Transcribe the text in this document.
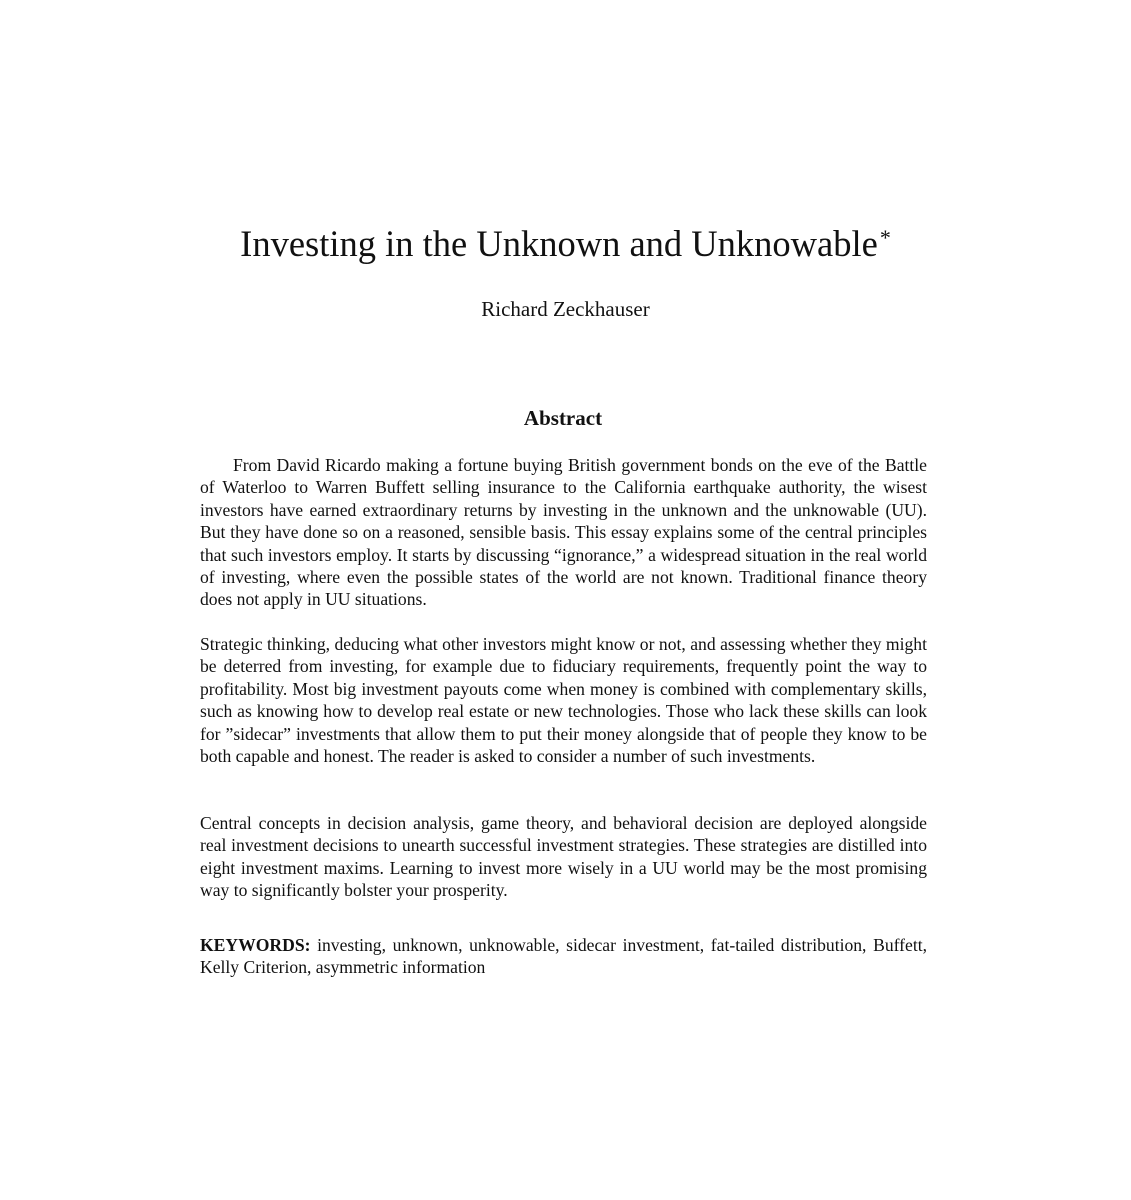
Investing in the Unknown and Unknowable*
Richard Zeckhauser
Abstract

From David Ricardo making a fortune buying British government bonds on the eve of the Battle of Waterloo to Warren Buffett selling insurance to the California earthquake authority, the wisest investors have earned extraordinary returns by investing in the unknown and the unknowable (UU). But they have done so on a reasoned, sensible basis. This essay explains some of the central principles that such investors employ. It starts by discussing “ignorance,” a widespread situation in the real world of investing, where even the possible states of the world are not known. Traditional finance theory does not apply in UU situations.

Strategic thinking, deducing what other investors might know or not, and assessing whether they might be deterred from investing, for example due to fiduciary requirements, frequently point the way to profitability. Most big investment payouts come when money is combined with complementary skills, such as knowing how to develop real estate or new technologies. Those who lack these skills can look for ”sidecar” investments that allow them to put their money alongside that of people they know to be both capable and honest. The reader is asked to consider a number of such investments.

Central concepts in decision analysis, game theory, and behavioral decision are deployed alongside real investment decisions to unearth successful investment strategies. These strategies are distilled into eight investment maxims. Learning to invest more wisely in a UU world may be the most promising way to significantly bolster your prosperity.

KEYWORDS: investing, unknown, unknowable, sidecar investment, fat-tailed distribution, Buffett, Kelly Criterion, asymmetric information
